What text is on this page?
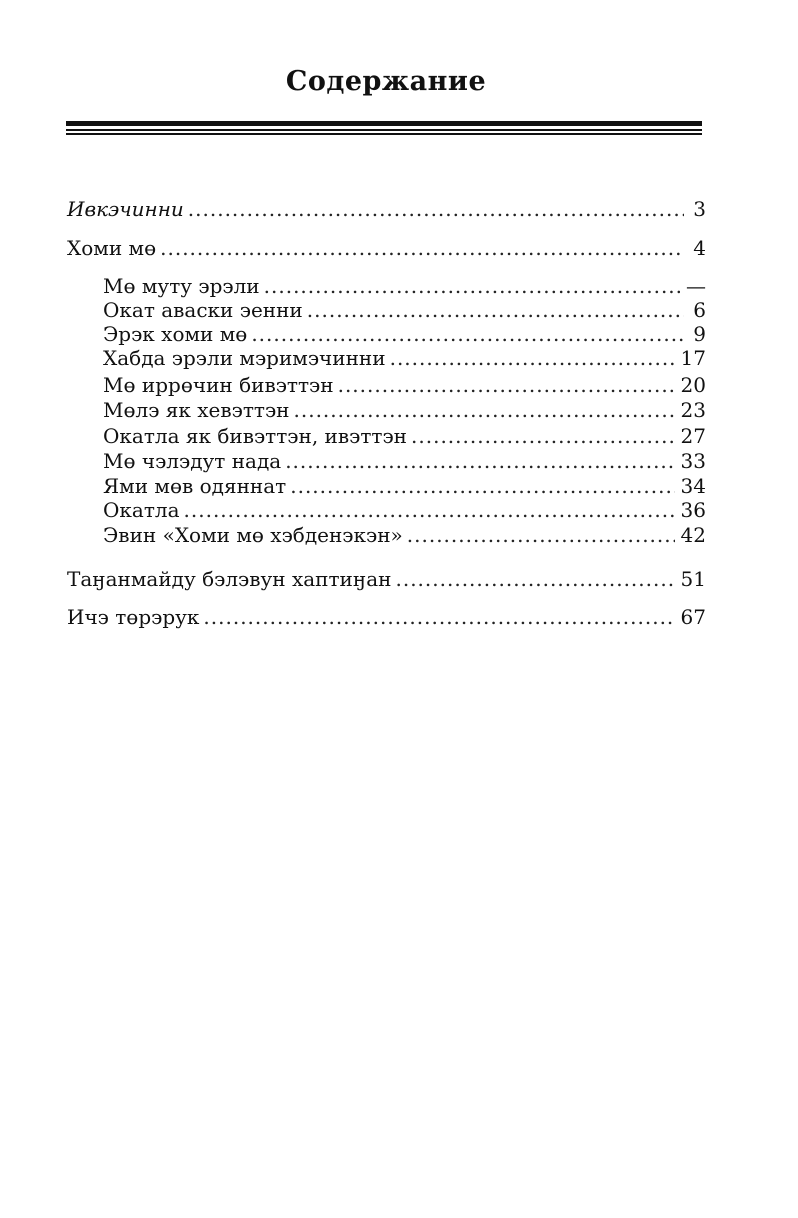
Содержание
Ивкэчинни .....	3
Хоми мө .....	4
Мө муту эрэли .....	—
Окат аваски эенни .....	6
Эрэк хоми мө .....	9
Хабда эрэли мэримэчинни .....	17
Мө иррөчин бивэттэн .....	20
Мөлэ як хевэттэн .....	23
Окатла як бивэттэн, ивэттэн .....	27
Мө чэлэдут нада .....	33
Ями мөв одяннат .....	34
Окатла .....	36
Эвин «Хоми мө хэбденэкэн» .....	42
Таӈанмайду бэлэвун хаптиӈан .....	51
Ичэ төрэрук .....	67
